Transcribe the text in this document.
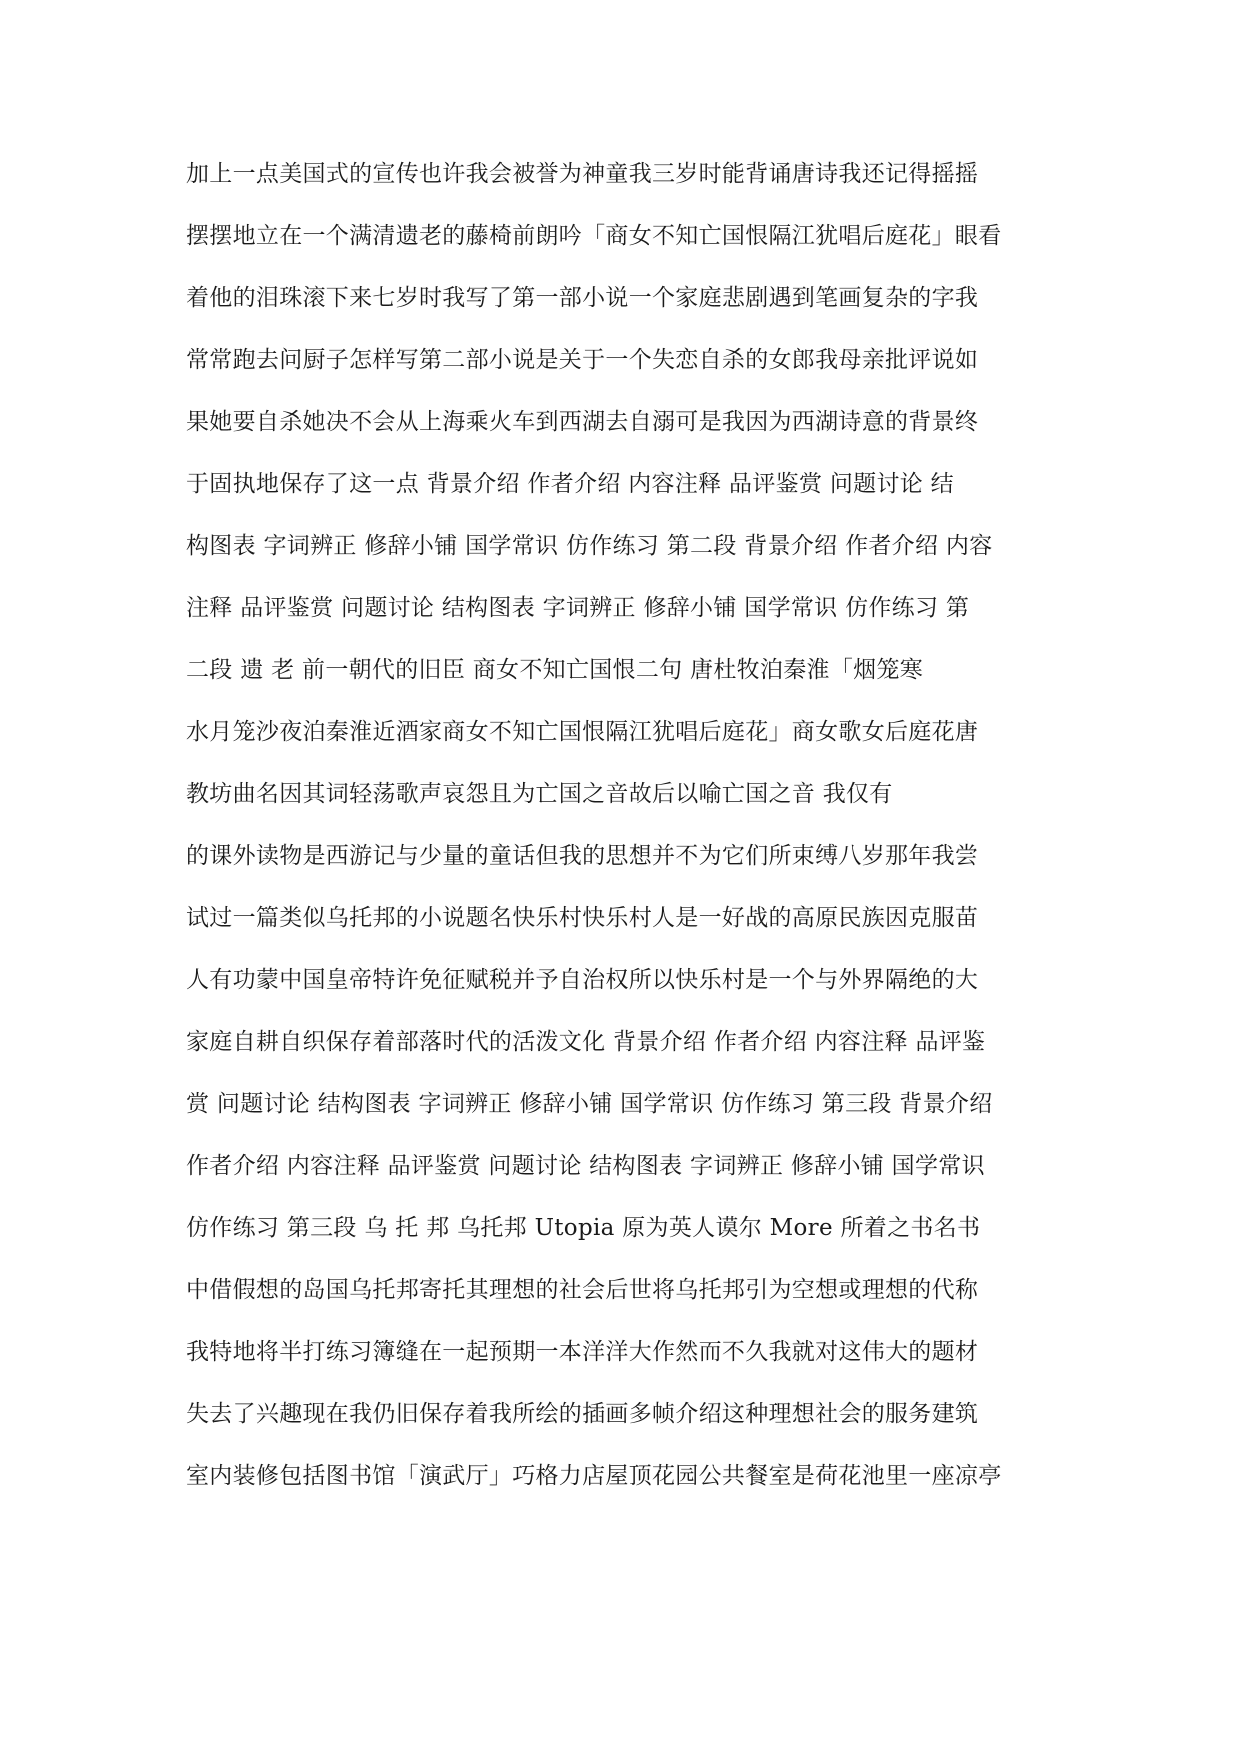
加上一点美国式的宣传也许我会被誉为神童我三岁时能背诵唐诗我还记得摇摇
摆摆地立在一个满清遗老的藤椅前朗吟「商女不知亡国恨隔江犹唱后庭花」眼看
着他的泪珠滚下来七岁时我写了第一部小说一个家庭悲剧遇到笔画复杂的字我
常常跑去问厨子怎样写第二部小说是关于一个失恋自杀的女郎我母亲批评说如
果她要自杀她决不会从上海乘火车到西湖去自溺可是我因为西湖诗意的背景终
于固执地保存了这一点 背景介绍 作者介绍 内容注释 品评鉴赏 问题讨论 结
构图表 字词辨正 修辞小铺 国学常识 仿作练习 第二段 背景介绍 作者介绍 内容
注释 品评鉴赏 问题讨论 结构图表 字词辨正 修辞小铺 国学常识 仿作练习 第
二段 遗 老 前一朝代的旧臣 商女不知亡国恨二句 唐杜牧泊秦淮「烟笼寒
水月笼沙夜泊秦淮近酒家商女不知亡国恨隔江犹唱后庭花」商女歌女后庭花唐
教坊曲名因其词轻荡歌声哀怨且为亡国之音故后以喻亡国之音 我仅有
的课外读物是西游记与少量的童话但我的思想并不为它们所束缚八岁那年我尝
试过一篇类似乌托邦的小说题名快乐村快乐村人是一好战的高原民族因克服苗
人有功蒙中国皇帝特许免征赋税并予自治权所以快乐村是一个与外界隔绝的大
家庭自耕自织保存着部落时代的活泼文化 背景介绍 作者介绍 内容注释 品评鉴
赏 问题讨论 结构图表 字词辨正 修辞小铺 国学常识 仿作练习 第三段 背景介绍
作者介绍 内容注释 品评鉴赏 问题讨论 结构图表 字词辨正 修辞小铺 国学常识
仿作练习 第三段 乌 托 邦 乌托邦 Utopia 原为英人谟尔 More 所着之书名书
中借假想的岛国乌托邦寄托其理想的社会后世将乌托邦引为空想或理想的代称
我特地将半打练习簿缝在一起预期一本洋洋大作然而不久我就对这伟大的题材
失去了兴趣现在我仍旧保存着我所绘的插画多帧介绍这种理想社会的服务建筑
室内装修包括图书馆「演武厅」巧格力店屋顶花园公共餐室是荷花池里一座凉亭
